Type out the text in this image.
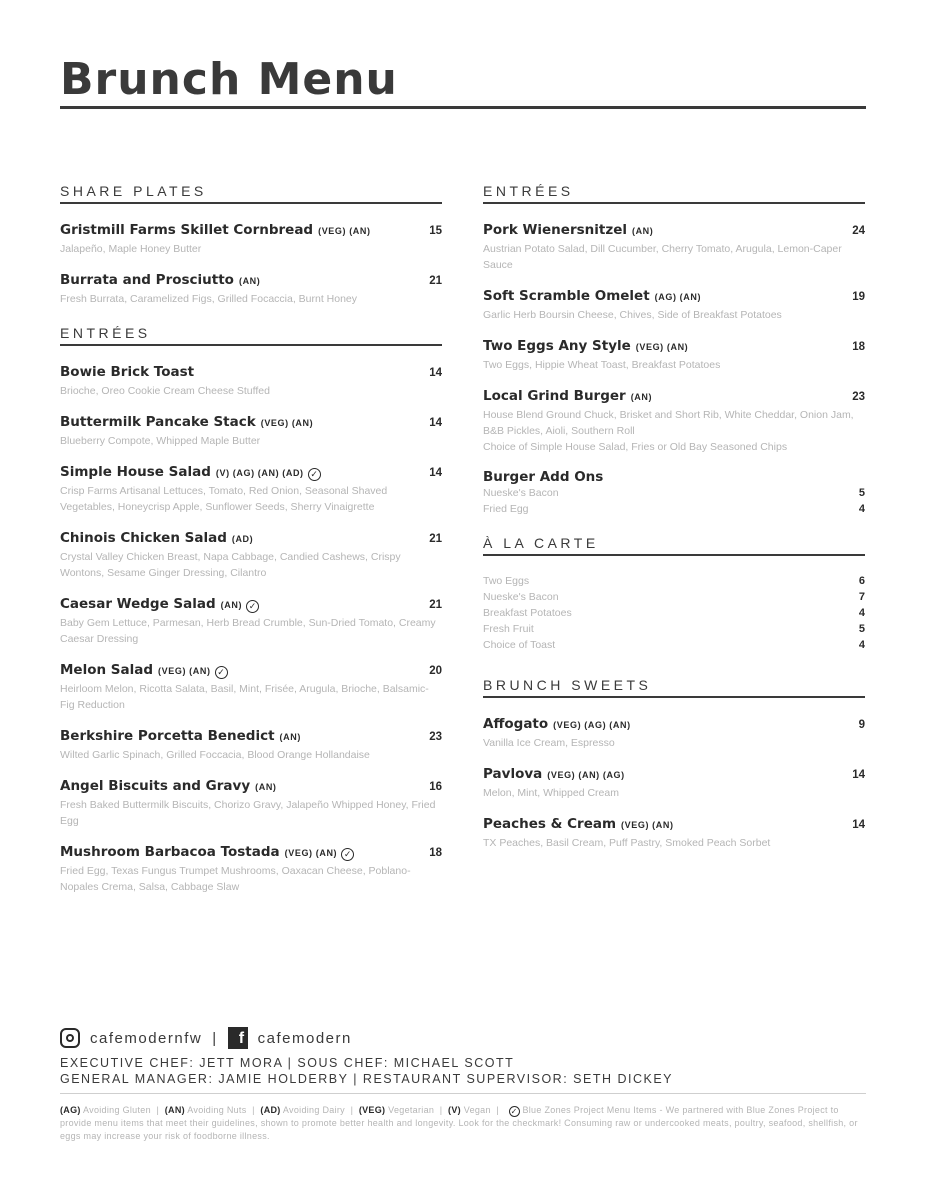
Brunch Menu
SHARE PLATES
Gristmill Farms Skillet Cornbread (VEG) (AN)	15
Jalapeño, Maple Honey Butter
Burrata and Prosciutto (AN)	21
Fresh Burrata, Caramelized Figs, Grilled Focaccia, Burnt Honey
ENTRÉES
Bowie Brick Toast	14
Brioche, Oreo Cookie Cream Cheese Stuffed
Buttermilk Pancake Stack (VEG) (AN)	14
Blueberry Compote, Whipped Maple Butter
Simple House Salad (V) (AG) (AN) (AD) ✓	14
Crisp Farms Artisanal Lettuces, Tomato, Red Onion, Seasonal Shaved Vegetables, Honeycrisp Apple, Sunflower Seeds, Sherry Vinaigrette
Chinois Chicken Salad (AD)	21
Crystal Valley Chicken Breast, Napa Cabbage, Candied Cashews, Crispy Wontons, Sesame Ginger Dressing, Cilantro
Caesar Wedge Salad (AN) ✓	21
Baby Gem Lettuce, Parmesan, Herb Bread Crumble, Sun-Dried Tomato, Creamy Caesar Dressing
Melon Salad (VEG) (AN) ✓	20
Heirloom Melon, Ricotta Salata, Basil, Mint, Frisée, Arugula, Brioche, Balsamic-Fig Reduction
Berkshire Porcetta Benedict (AN)	23
Wilted Garlic Spinach, Grilled Foccacia, Blood Orange Hollandaise
Angel Biscuits and Gravy (AN)	16
Fresh Baked Buttermilk Biscuits, Chorizo Gravy, Jalapeño Whipped Honey, Fried Egg
Mushroom Barbacoa Tostada (VEG) (AN) ✓	18
Fried Egg, Texas Fungus Trumpet Mushrooms, Oaxacan Cheese, Poblano-Nopales Crema, Salsa, Cabbage Slaw
ENTRÉES
Pork Wienersnitzel (AN)	24
Austrian Potato Salad, Dill Cucumber, Cherry Tomato, Arugula, Lemon-Caper Sauce
Soft Scramble Omelet (AG) (AN)	19
Garlic Herb Boursin Cheese, Chives, Side of Breakfast Potatoes
Two Eggs Any Style (VEG) (AN)	18
Two Eggs, Hippie Wheat Toast, Breakfast Potatoes
Local Grind Burger (AN)	23
House Blend Ground Chuck, Brisket and Short Rib, White Cheddar, Onion Jam, B&B Pickles, Aioli, Southern Roll
Choice of Simple House Salad, Fries or Old Bay Seasoned Chips
Burger Add Ons
Nueske's Bacon	5
Fried Egg	4
À LA CARTE
Two Eggs	6
Nueske's Bacon	7
Breakfast Potatoes	4
Fresh Fruit	5
Choice of Toast	4
BRUNCH SWEETS
Affogato (VEG) (AG) (AN)	9
Vanilla Ice Cream, Espresso
Pavlova (VEG) (AN) (AG)	14
Melon, Mint, Whipped Cream
Peaches & Cream (VEG) (AN)	14
TX Peaches, Basil Cream, Puff Pastry, Smoked Peach Sorbet
cafemodernfw |	f cafemodern
EXECUTIVE CHEF: JETT MORA | SOUS CHEF: MICHAEL SCOTT
GENERAL MANAGER: JAMIE HOLDERBY | RESTAURANT SUPERVISOR: SETH DICKEY
(AG) Avoiding Gluten  |  (AN) Avoiding Nuts  |  (AD) Avoiding Dairy  |  (VEG) Vegetarian  |  (V) Vegan  |  ✓ Blue Zones Project Menu Items - We partnered with Blue Zones Project to provide menu items that meet their guidelines, shown to promote better health and longevity. Look for the checkmark! Consuming raw or undercooked meats, poultry, seafood, shellfish, or eggs may increase your risk of foodborne illness.
